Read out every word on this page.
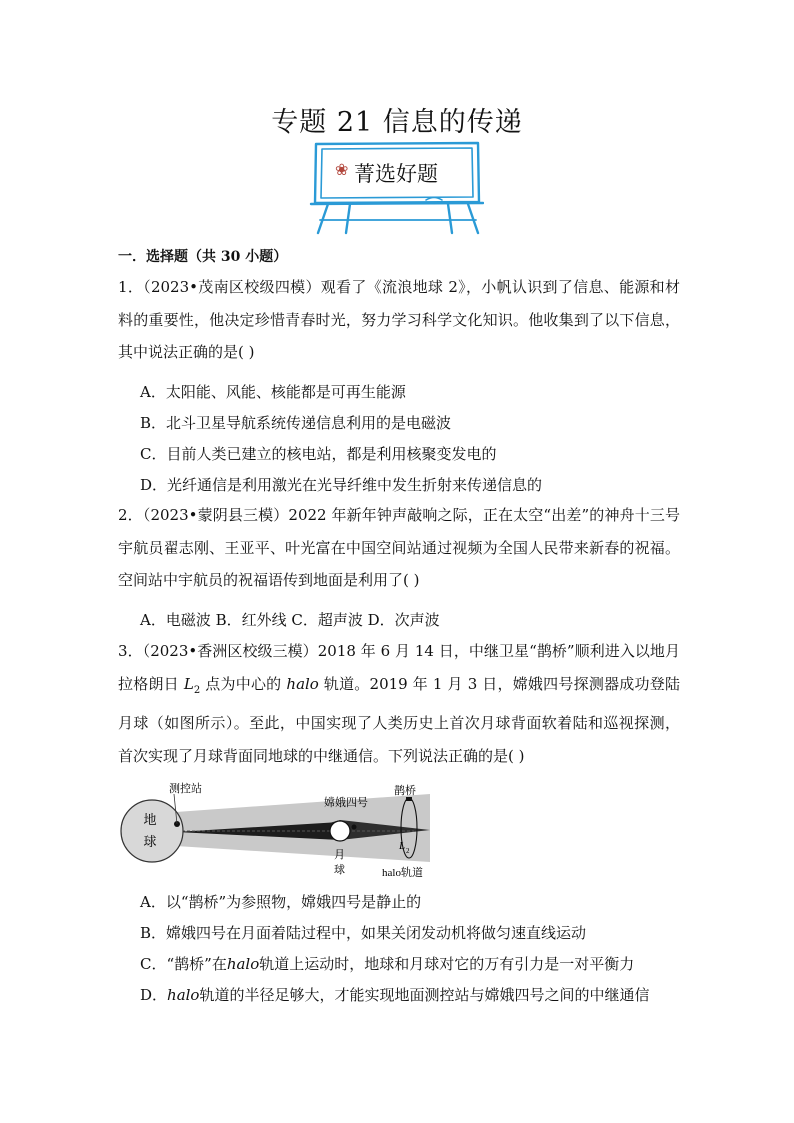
专题 21 信息的传递
❀ 菁选好题
一．选择题（共 30 小题）
1．（2023•茂南区校级四模）观看了《流浪地球 2》，小帆认识到了信息、能源和材料的重要性，他决定珍惜青春时光，努力学习科学文化知识。他收集到了以下信息，其中说法正确的是( )
A．太阳能、风能、核能都是可再生能源
B．北斗卫星导航系统传递信息利用的是电磁波
C．目前人类已建立的核电站，都是利用核聚变发电的
D．光纤通信是利用激光在光导纤维中发生折射来传递信息的
2．（2023•蒙阴县三模）2022 年新年钟声敲响之际，正在太空“出差”的神舟十三号宇航员翟志刚、王亚平、叶光富在中国空间站通过视频为全国人民带来新春的祝福。空间站中宇航员的祝福语传到地面是利用了( )
A．电磁波 B．红外线 C．超声波 D．次声波
3．（2023•香洲区校级三模）2018 年 6 月 14 日，中继卫星“鹊桥”顺利进入以地月拉格朗日 $L_2$ 点为中心的 halo 轨道。2019 年 1 月 3 日，嫦娥四号探测器成功登陆月球（如图所示）。至此，中国实现了人类历史上首次月球背面软着陆和巡视探测，首次实现了月球背面同地球的中继通信。下列说法正确的是( )
地
球
测控站
嫦娥四号
鹊桥
月
球
L 2
halo轨道
A．以“鹊桥”为参照物，嫦娥四号是静止的
B．嫦娥四号在月面着陆过程中，如果关闭发动机将做匀速直线运动
C．“鹊桥”在halo轨道上运动时，地球和月球对它的万有引力是一对平衡力
D．halo轨道的半径足够大，才能实现地面测控站与嫦娥四号之间的中继通信
